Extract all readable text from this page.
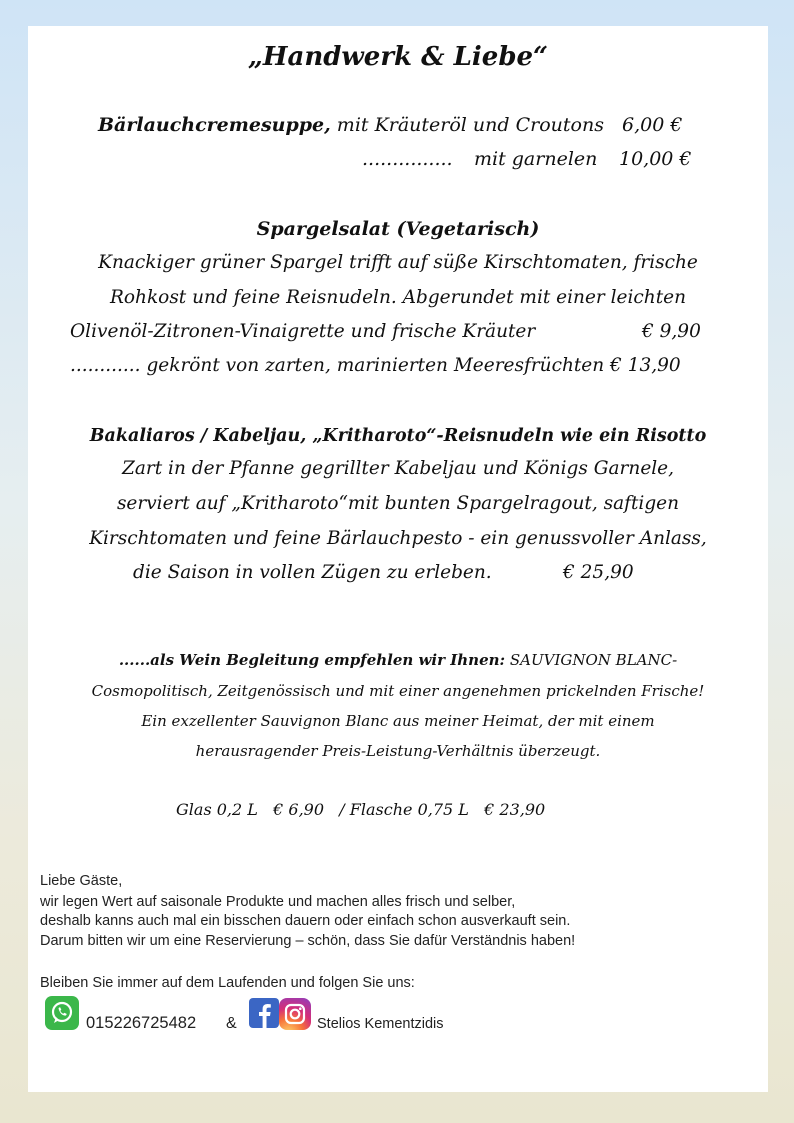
„Handwerk & Liebe“
Bärlauchcremesuppe, mit Kräuteröl und Croutons 6,00 €
............... mit garnelen 10,00 €
Spargelsalat (Vegetarisch)
Knackiger grüner Spargel trifft auf süße Kirschtomaten, frische
Rohkost und feine Reisnudeln. Abgerundet mit einer leichten
Olivenöl-Zitronen-Vinaigrette und frische Kräuter	€ 9,90
............ gekrönt von zarten, marinierten Meeresfrüchten € 13,90
Bakaliaros / Kabeljau, „Kritharoto“-Reisnudeln wie ein Risotto
Zart in der Pfanne gegrillter Kabeljau und Königs Garnele,
serviert auf „Kritharoto“mit bunten Spargelragout, saftigen
Kirschtomaten und feine Bärlauchpesto - ein genussvoller Anlass,
die Saison in vollen Zügen zu erleben.	€ 25,90
......als Wein Begleitung empfehlen wir Ihnen: SAUVIGNON BLANC-
Cosmopolitisch, Zeitgenössisch und mit einer angenehmen prickelnden Frische!
Ein exzellenter Sauvignon Blanc aus meiner Heimat, der mit einem
herausragender Preis-Leistung-Verhältnis überzeugt.
Glas 0,2 L   € 6,90   / Flasche 0,75 L   € 23,90
Liebe Gäste,
wir legen Wert auf saisonale Produkte und machen alles frisch und selber,
deshalb kanns auch mal ein bisschen dauern oder einfach schon ausverkauft sein.
Darum bitten wir um eine Reservierung – schön, dass Sie dafür Verständnis haben!
Bleiben Sie immer auf dem Laufenden und folgen Sie uns:
015226725482 &	Stelios Kementzidis
